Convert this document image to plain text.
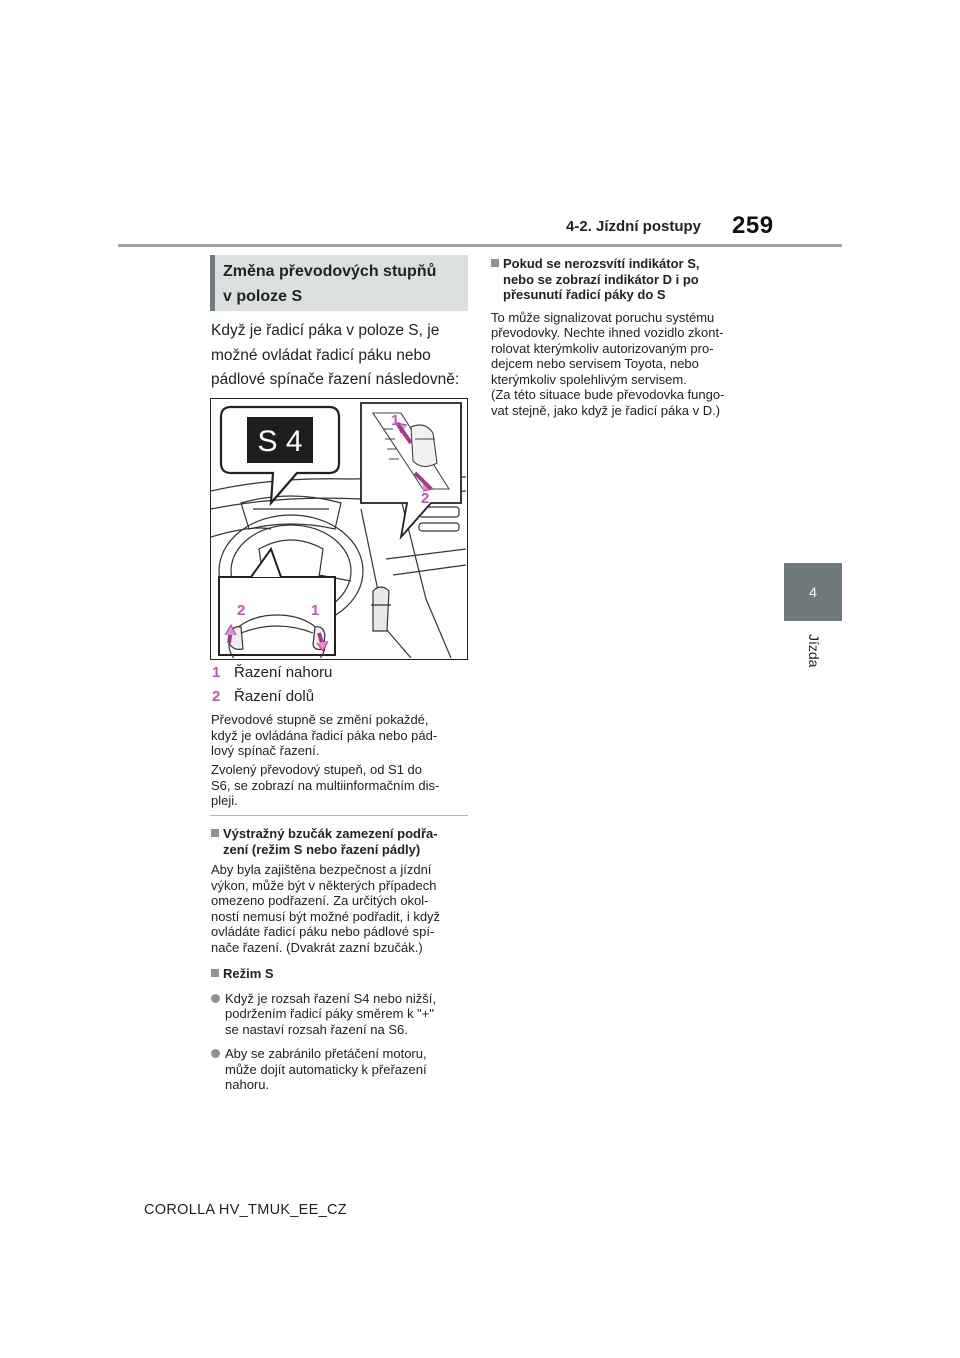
4-2. Jízdní postupy 259
4
Jízda
Změna převodových stupňů
v poloze S
Když je řadicí páka v poloze S, je
možné ovládat řadicí páku nebo
pádlové spínače řazení následovně:
S 4
1
2
2	1
1 Řazení nahoru
2 Řazení dolů
Převodové stupně se změní pokaždé,
když je ovládána řadicí páka nebo pád-
lový spínač řazení.
Zvolený převodový stupeň, od S1 do
S6, se zobrazí na multiinformačním dis-
pleji.
Výstražný bzučák zamezení podřa-
zení (režim S nebo řazení pádly)
Aby byla zajištěna bezpečnost a jízdní
výkon, může být v některých případech
omezeno podřazení. Za určitých okol-
ností nemusí být možné podřadit, i když
ovládáte řadicí páku nebo pádlové spí-
nače řazení. (Dvakrát zazní bzučák.)
Režim S
Když je rozsah řazení S4 nebo nižší,
podržením řadicí páky směrem k "+"
se nastaví rozsah řazení na S6.
Aby se zabránilo přetáčení motoru,
může dojít automaticky k přeřazení
nahoru.
Pokud se nerozsvítí indikátor S,
nebo se zobrazí indikátor D i po
přesunutí řadicí páky do S
To může signalizovat poruchu systému
převodovky. Nechte ihned vozidlo zkont-
rolovat kterýmkoliv autorizovaným pro-
dejcem nebo servisem Toyota, nebo
kterýmkoliv spolehlivým servisem.
(Za této situace bude převodovka fungo-
vat stejně, jako když je řadicí páka v D.)
COROLLA HV_TMUK_EE_CZ
